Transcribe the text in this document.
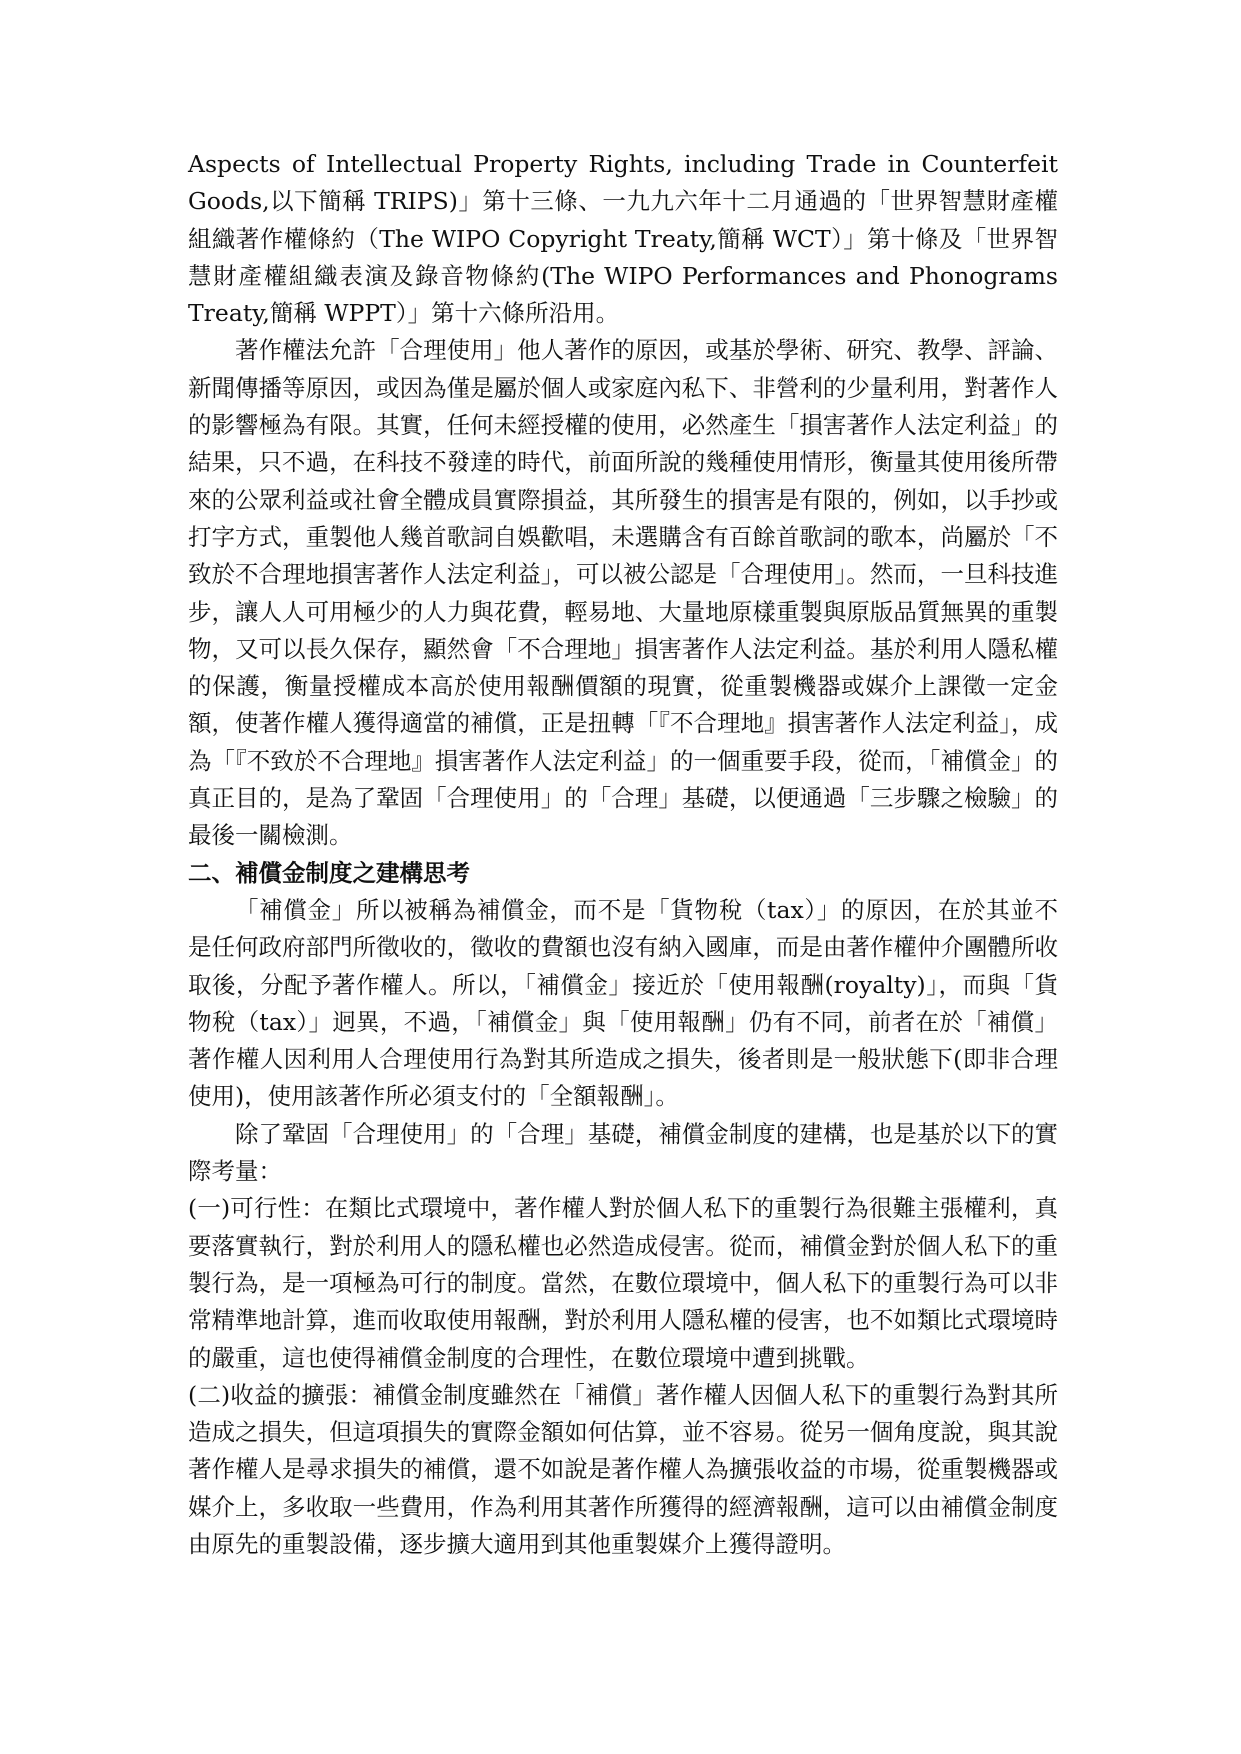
Aspects of Intellectual Property Rights, including Trade in Counterfeit Goods,以下簡稱 TRIPS)」第十三條、一九九六年十二月通過的「世界智慧財產權組織著作權條約（The WIPO Copyright Treaty,簡稱 WCT）」第十條及「世界智慧財產權組織表演及錄音物條約(The WIPO Performances and Phonograms Treaty,簡稱 WPPT）」第十六條所沿用。

著作權法允許「合理使用」他人著作的原因，或基於學術、研究、教學、評論、新聞傳播等原因，或因為僅是屬於個人或家庭內私下、非營利的少量利用，對著作人的影響極為有限。其實，任何未經授權的使用，必然產生「損害著作人法定利益」的結果，只不過，在科技不發達的時代，前面所說的幾種使用情形，衡量其使用後所帶來的公眾利益或社會全體成員實際損益，其所發生的損害是有限的，例如，以手抄或打字方式，重製他人幾首歌詞自娛歡唱，未選購含有百餘首歌詞的歌本，尚屬於「不致於不合理地損害著作人法定利益」，可以被公認是「合理使用」。然而，一旦科技進步，讓人人可用極少的人力與花費，輕易地、大量地原樣重製與原版品質無異的重製物，又可以長久保存，顯然會「不合理地」損害著作人法定利益。基於利用人隱私權的保護，衡量授權成本高於使用報酬價額的現實，從重製機器或媒介上課徵一定金額，使著作權人獲得適當的補償，正是扭轉「『不合理地』損害著作人法定利益」，成為「『不致於不合理地』損害著作人法定利益」的一個重要手段，從而，「補償金」的真正目的，是為了鞏固「合理使用」的「合理」基礎，以便通過「三步驟之檢驗」的最後一關檢測。

二、補償金制度之建構思考

「補償金」所以被稱為補償金，而不是「貨物稅（tax）」的原因，在於其並不是任何政府部門所徵收的，徵收的費額也沒有納入國庫，而是由著作權仲介團體所收取後，分配予著作權人。所以，「補償金」接近於「使用報酬(royalty)」，而與「貨物稅（tax）」迥異，不過，「補償金」與「使用報酬」仍有不同，前者在於「補償」著作權人因利用人合理使用行為對其所造成之損失，後者則是一般狀態下(即非合理使用)，使用該著作所必須支付的「全額報酬」。

除了鞏固「合理使用」的「合理」基礎，補償金制度的建構，也是基於以下的實際考量：

(一)可行性：在類比式環境中，著作權人對於個人私下的重製行為很難主張權利，真要落實執行，對於利用人的隱私權也必然造成侵害。從而，補償金對於個人私下的重製行為，是一項極為可行的制度。當然，在數位環境中，個人私下的重製行為可以非常精準地計算，進而收取使用報酬，對於利用人隱私權的侵害，也不如類比式環境時的嚴重，這也使得補償金制度的合理性，在數位環境中遭到挑戰。

(二)收益的擴張：補償金制度雖然在「補償」著作權人因個人私下的重製行為對其所造成之損失，但這項損失的實際金額如何估算，並不容易。從另一個角度說，與其說著作權人是尋求損失的補償，還不如說是著作權人為擴張收益的市場，從重製機器或媒介上，多收取一些費用，作為利用其著作所獲得的經濟報酬，這可以由補償金制度由原先的重製設備，逐步擴大適用到其他重製媒介上獲得證明。
